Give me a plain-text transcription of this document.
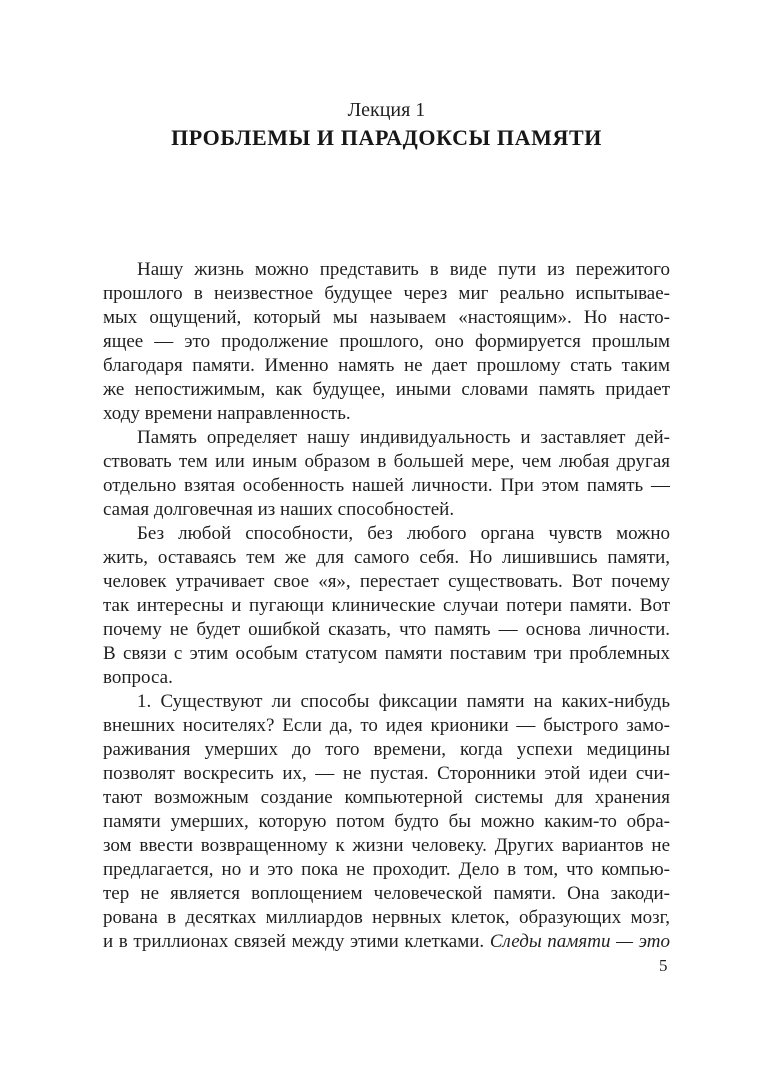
Лекция 1
ПРОБЛЕМЫ И ПАРАДОКСЫ ПАМЯТИ

Нашу жизнь можно представить в виде пути из пережитого
прошлого в неизвестное будущее через миг реально испытывае-
мых ощущений, который мы называем «настоящим». Но насто-
ящее — это продолжение прошлого, оно формируется прошлым
благодаря памяти. Именно намять не дает прошлому стать таким
же непостижимым, как будущее, иными словами память придает
ходу времени направленность.

Память определяет нашу индивидуальность и заставляет дей-
ствовать тем или иным образом в большей мере, чем любая другая
отдельно взятая особенность нашей личности. При этом память —
самая долговечная из наших способностей.

Без любой способности, без любого органа чувств можно
жить, оставаясь тем же для самого себя. Но лишившись памяти,
человек утрачивает свое «я», перестает существовать. Вот почему
так интересны и пугающи клинические случаи потери памяти. Вот
почему не будет ошибкой сказать, что память — основа личности.
В связи с этим особым статусом памяти поставим три проблемных
вопроса.

1. Существуют ли способы фиксации памяти на каких-нибудь
внешних носителях? Если да, то идея крионики — быстрого замо-
раживания умерших до того времени, когда успехи медицины
позволят воскресить их, — не пустая. Сторонники этой идеи счи-
тают возможным создание компьютерной системы для хранения
памяти умерших, которую потом будто бы можно каким-то обра-
зом ввести возвращенному к жизни человеку. Других вариантов не
предлагается, но и это пока не проходит. Дело в том, что компью-
тер не является воплощением человеческой памяти. Она закоди-
рована в десятках миллиардов нервных клеток, образующих мозг,
и в триллионах связей между этими клетками. Следы памяти — это

5
